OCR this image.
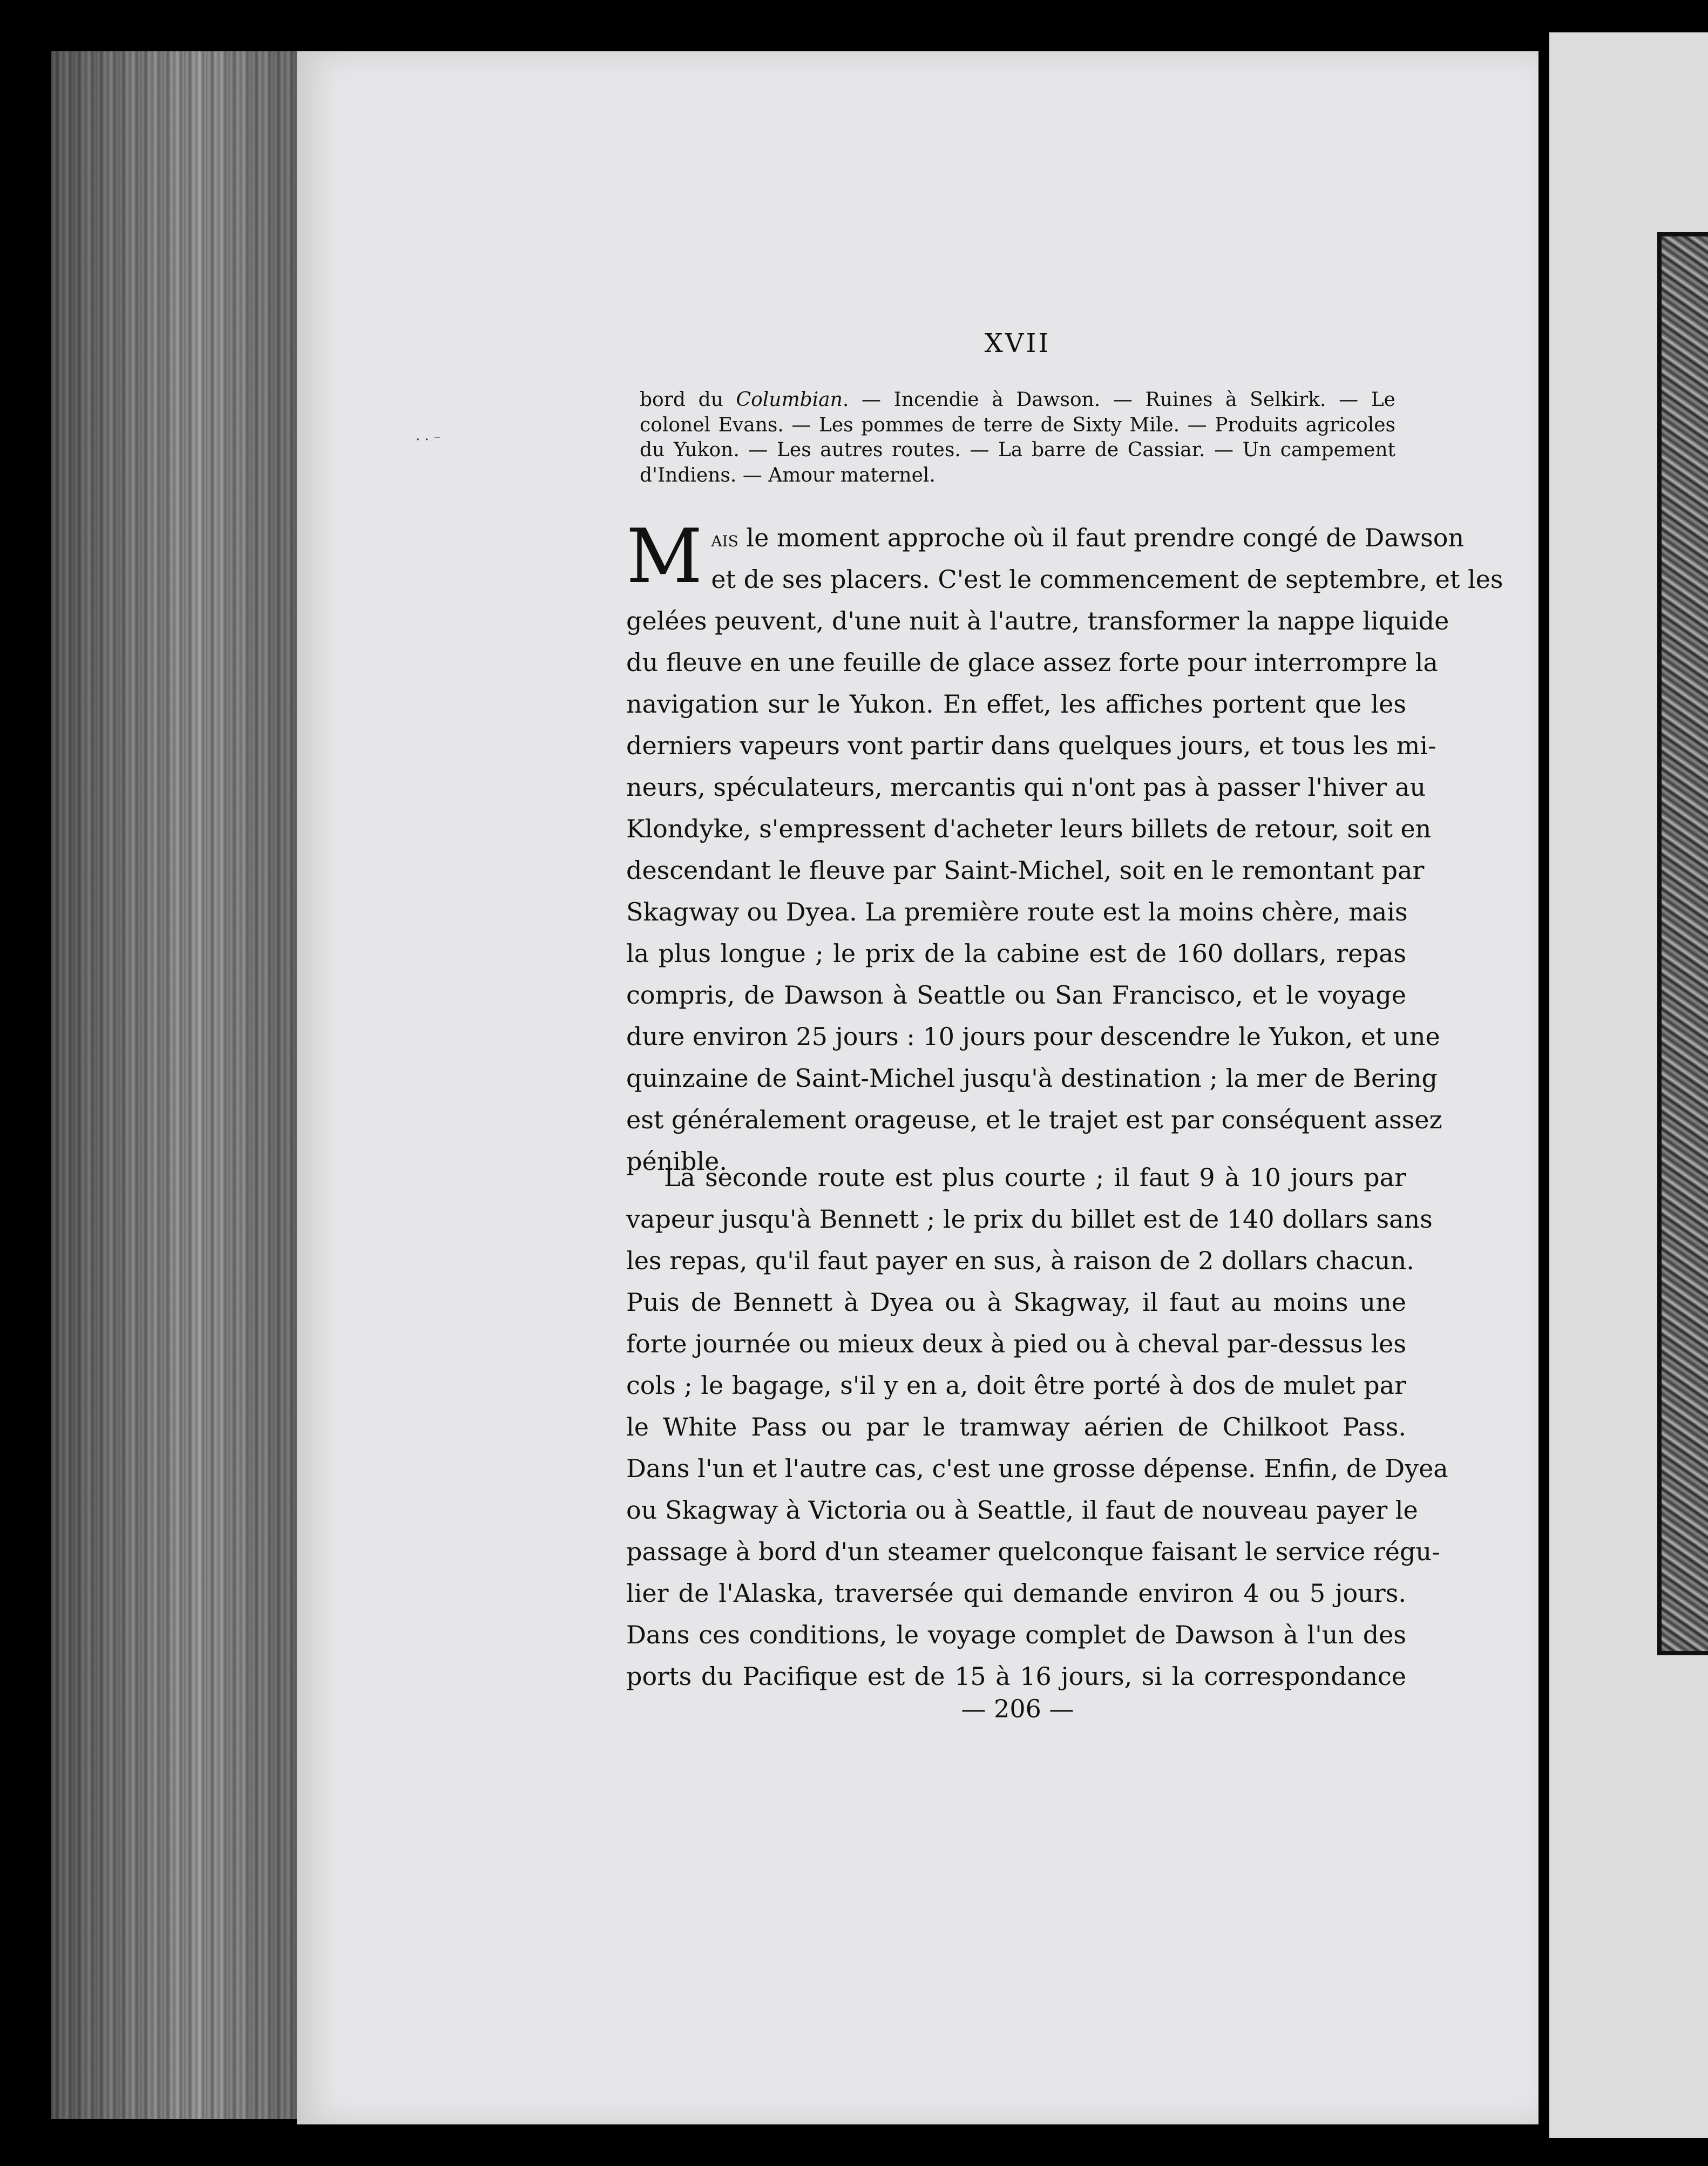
· · ⁻
XVII
bord du Columbian. — Incendie à Dawson. — Ruines à Selkirk. — Le
colonel Evans. — Les pommes de terre de Sixty Mile. — Produits agricoles
du Yukon. — Les autres routes. — La barre de Cassiar. — Un campement
d'Indiens. — Amour maternel.
M ais le moment approche où il faut prendre congé de Dawson
et de ses placers. C'est le commencement de septembre, et les
gelées peuvent, d'une nuit à l'autre, transformer la nappe liquide
du fleuve en une feuille de glace assez forte pour interrompre la
navigation sur le Yukon. En effet, les affiches portent que les
derniers vapeurs vont partir dans quelques jours, et tous les mi-
neurs, spéculateurs, mercantis qui n'ont pas à passer l'hiver au
Klondyke, s'empressent d'acheter leurs billets de retour, soit en
descendant le fleuve par Saint-Michel, soit en le remontant par
Skagway ou Dyea. La première route est la moins chère, mais
la plus longue ; le prix de la cabine est de 160 dollars, repas
compris, de Dawson à Seattle ou San Francisco, et le voyage
dure environ 25 jours : 10 jours pour descendre le Yukon, et une
quinzaine de Saint-Michel jusqu'à destination ; la mer de Bering
est généralement orageuse, et le trajet est par conséquent assez
pénible.
La seconde route est plus courte ; il faut 9 à 10 jours par
vapeur jusqu'à Bennett ; le prix du billet est de 140 dollars sans
les repas, qu'il faut payer en sus, à raison de 2 dollars chacun.
Puis de Bennett à Dyea ou à Skagway, il faut au moins une
forte journée ou mieux deux à pied ou à cheval par-dessus les
cols ; le bagage, s'il y en a, doit être porté à dos de mulet par
le White Pass ou par le tramway aérien de Chilkoot Pass.
Dans l'un et l'autre cas, c'est une grosse dépense. Enfin, de Dyea
ou Skagway à Victoria ou à Seattle, il faut de nouveau payer le
passage à bord d'un steamer quelconque faisant le service régu-
lier de l'Alaska, traversée qui demande environ 4 ou 5 jours.
Dans ces conditions, le voyage complet de Dawson à l'un des
ports du Pacifique est de 15 à 16 jours, si la correspondance
— 206 —
